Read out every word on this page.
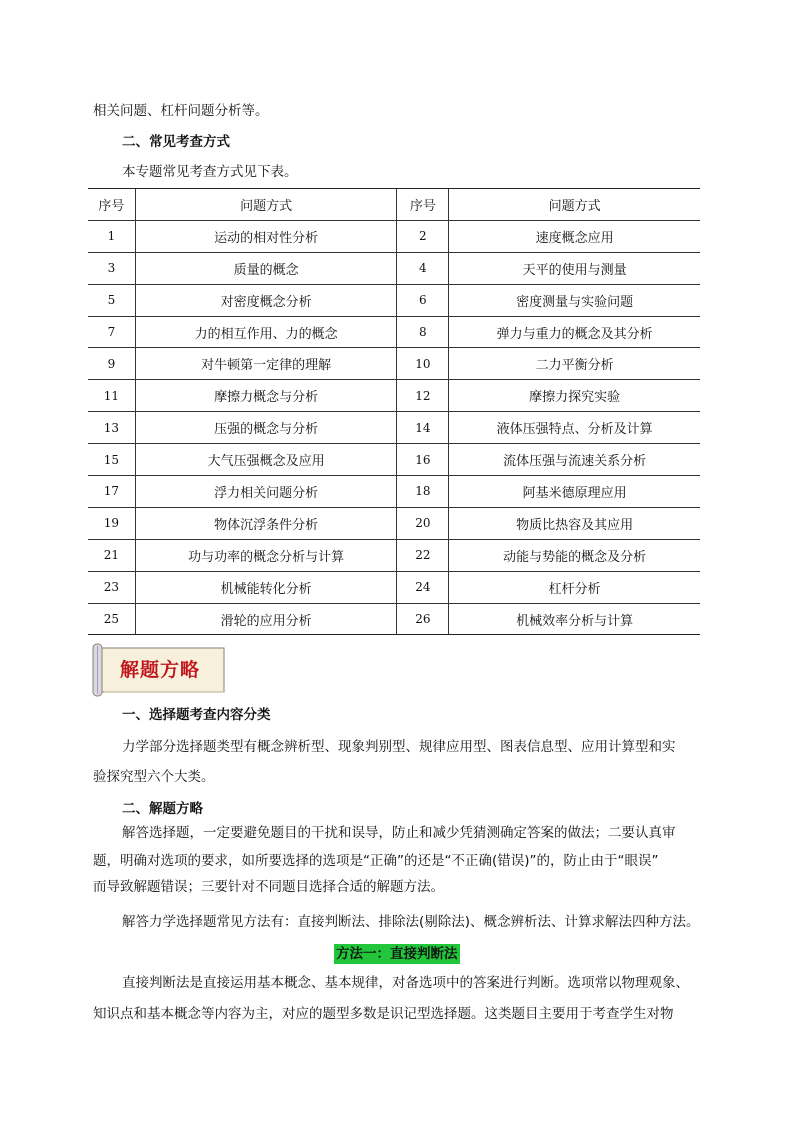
相关问题、杠杆问题分析等。
二、常见考查方式
本专题常见考查方式见下表。
序号	问题方式	序号	问题方式
1	运动的相对性分析	2	速度概念应用
3	质量的概念	4	天平的使用与测量
5	对密度概念分析	6	密度测量与实验问题
7	力的相互作用、力的概念	8	弹力与重力的概念及其分析
9	对牛顿第一定律的理解	10	二力平衡分析
11	摩擦力概念与分析	12	摩擦力探究实验
13	压强的概念与分析	14	液体压强特点、分析及计算
15	大气压强概念及应用	16	流体压强与流速关系分析
17	浮力相关问题分析	18	阿基米德原理应用
19	物体沉浮条件分析	20	物质比热容及其应用
21	功与功率的概念分析与计算	22	动能与势能的概念及分析
23	机械能转化分析	24	杠杆分析
25	滑轮的应用分析	26	机械效率分析与计算
解题方略
一、选择题考查内容分类
力学部分选择题类型有概念辨析型、现象判别型、规律应用型、图表信息型、应用计算型和实
验探究型六个大类。
二、解题方略
解答选择题，一定要避免题目的干扰和误导，防止和减少凭猜测确定答案的做法；二要认真审
题，明确对选项的要求，如所要选择的选项是“正确”的还是“不正确(错误)”的，防止由于“眼误”
而导致解题错误；三要针对不同题目选择合适的解题方法。
解答力学选择题常见方法有：直接判断法、排除法(剔除法)、概念辨析法、计算求解法四种方法。
方法一：直接判断法
直接判断法是直接运用基本概念、基本规律，对备选项中的答案进行判断。选项常以物理观象、
知识点和基本概念等内容为主，对应的题型多数是识记型选择题。这类题目主要用于考查学生对物
